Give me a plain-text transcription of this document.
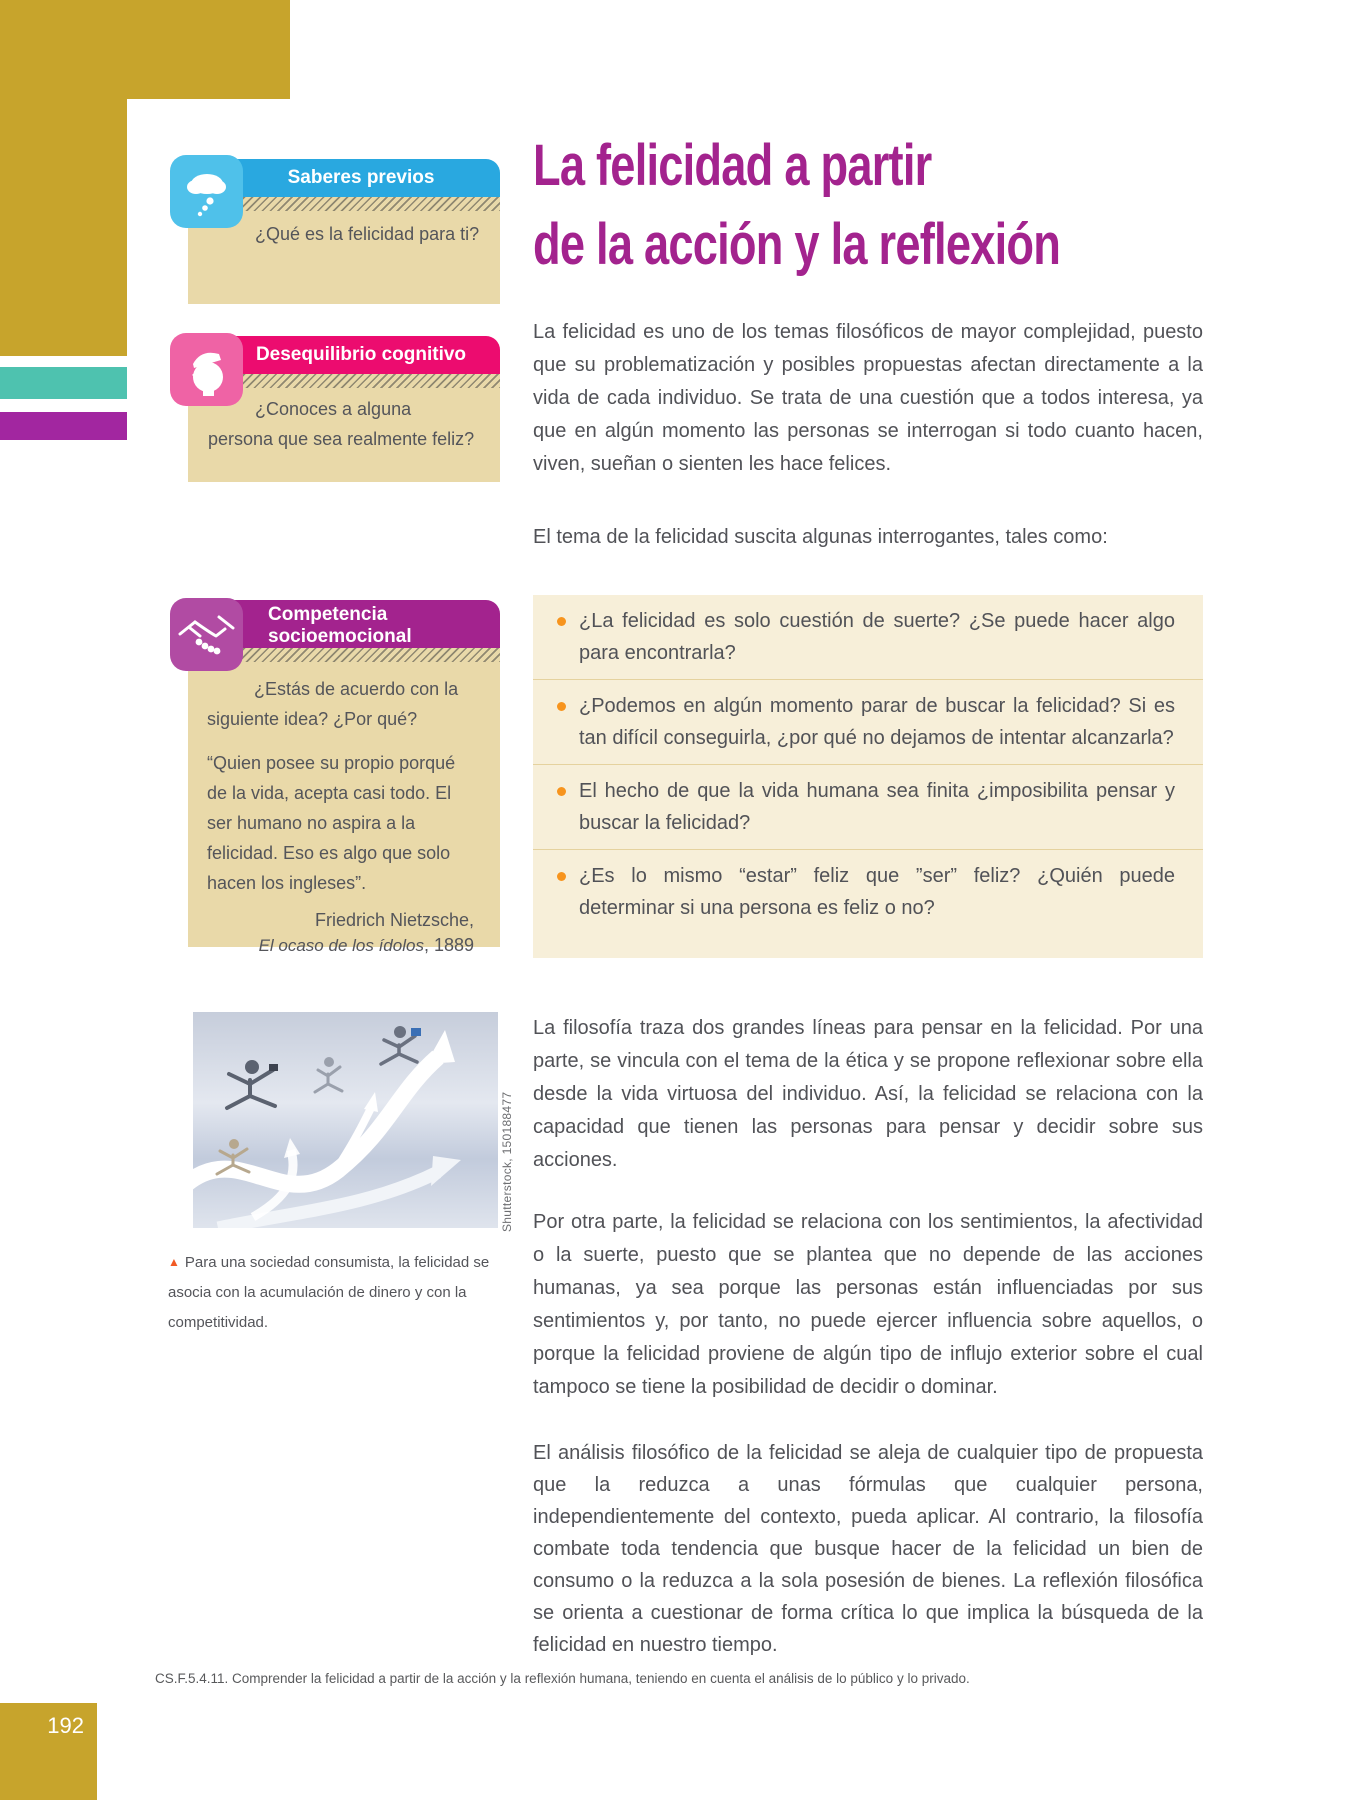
Saberes previos

¿Qué es la felicidad para ti?

Desequilibrio cognitivo

¿Conoces a alguna persona que sea realmente feliz?

Competencia
socioemocional

¿Estás de acuerdo con la siguiente idea? ¿Por qué?

“Quien posee su propio porqué de la vida, acepta casi todo. El ser humano no aspira a la felicidad. Eso es algo que solo hacen los ingleses”.

Friedrich Nietzsche,

El ocaso de los ídolos, 1889

Shutterstock, 150188477
▲ Para una sociedad consumista, la felicidad se asocia con la acumulación de dinero y con la competitividad.
La felicidad a partir
de la acción y la reflexión

La felicidad es uno de los temas filosóficos de mayor complejidad, puesto que su problematización y posibles propuestas afectan directamente a la vida de cada individuo. Se trata de una cuestión que a todos interesa, ya que en algún momento las personas se interrogan si todo cuanto hacen, viven, sueñan o sienten les hace felices.

El tema de la felicidad suscita algunas interrogantes, tales como:

¿La felicidad es solo cuestión de suerte? ¿Se puede hacer algo para encontrarla?

¿Podemos en algún momento parar de buscar la felicidad? Si es tan difícil conseguirla, ¿por qué no dejamos de intentar alcanzarla?

El hecho de que la vida humana sea finita ¿imposibilita pensar y buscar la felicidad?

¿Es lo mismo “estar” feliz que ”ser” feliz? ¿Quién puede determinar si una persona es feliz o no?

La filosofía traza dos grandes líneas para pensar en la felicidad. Por una parte, se vincula con el tema de la ética y se propone reflexionar sobre ella desde la vida virtuosa del individuo. Así, la felicidad se relaciona con la capacidad que tienen las personas para pensar y decidir sobre sus acciones.

Por otra parte, la felicidad se relaciona con los sentimientos, la afectividad o la suerte, puesto que se plantea que no depende de las acciones humanas, ya sea porque las personas están influenciadas por sus sentimientos y, por tanto, no puede ejercer influencia sobre aquellos, o porque la felicidad proviene de algún tipo de influjo exterior sobre el cual tampoco se tiene la posibilidad de decidir o dominar.

El análisis filosófico de la felicidad se aleja de cualquier tipo de propuesta que la reduzca a unas fórmulas que cualquier persona, independientemente del contexto, pueda aplicar. Al contrario, la filosofía combate toda tendencia que busque hacer de la felicidad un bien de consumo o la reduzca a la sola posesión de bienes. La reflexión filosófica se orienta a cuestionar de forma crítica lo que implica la búsqueda de la felicidad en nuestro tiempo.

CS.F.5.4.11. Comprender la felicidad a partir de la acción y la reflexión humana, teniendo en cuenta el análisis de lo público y lo privado.
192
